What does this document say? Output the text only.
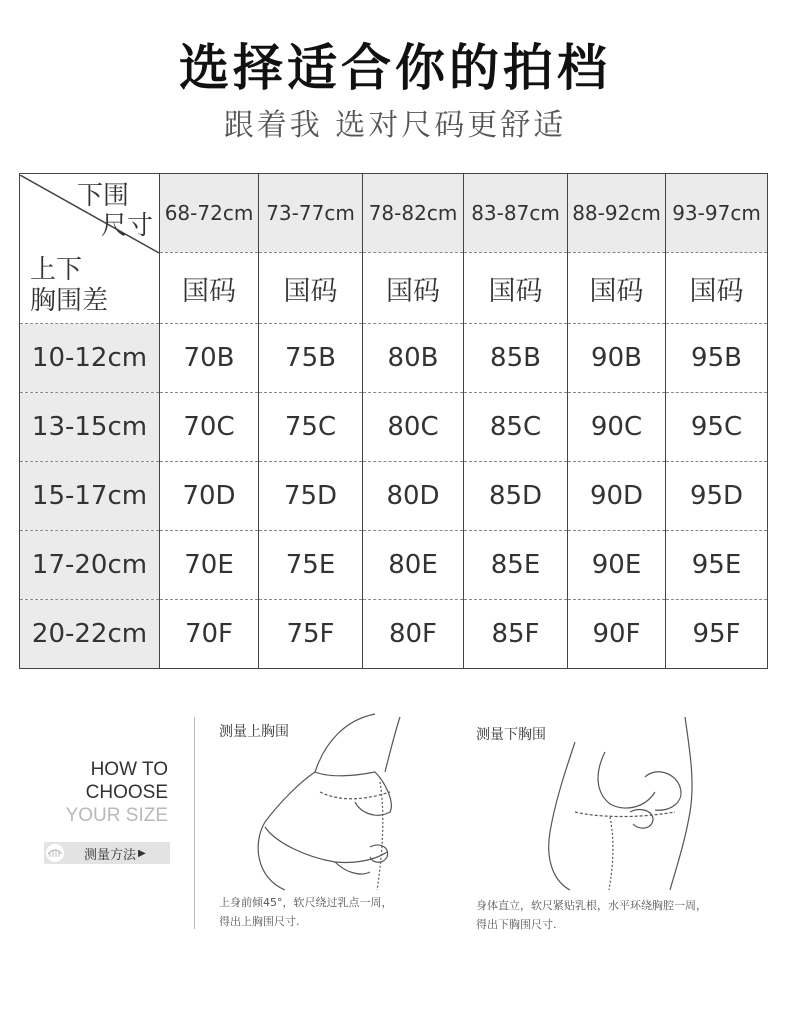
选择适合你的拍档
跟着我 选对尺码更舒适
下围
尺寸
上下
胸围差	68-72cm	73-77cm	78-82cm	83-87cm	88-92cm	93-97cm
	国码	国码	国码	国码	国码	国码
10-12cm	70B	75B	80B	85B	90B	95B
13-15cm	70C	75C	80C	85C	90C	95C
15-17cm	70D	75D	80D	85D	90D	95D
17-20cm	70E	75E	80E	85E	90E	95E
20-22cm	70F	75F	80F	85F	90F	95F
HOW TO
CHOOSE
YOUR SIZE
测量方法 ▶
测量上胸围
上身前倾45°，软尺绕过乳点一周，
得出上胸围尺寸.
测量下胸围
身体直立，软尺紧贴乳根，水平环绕胸腔一周，
得出下胸围尺寸.
